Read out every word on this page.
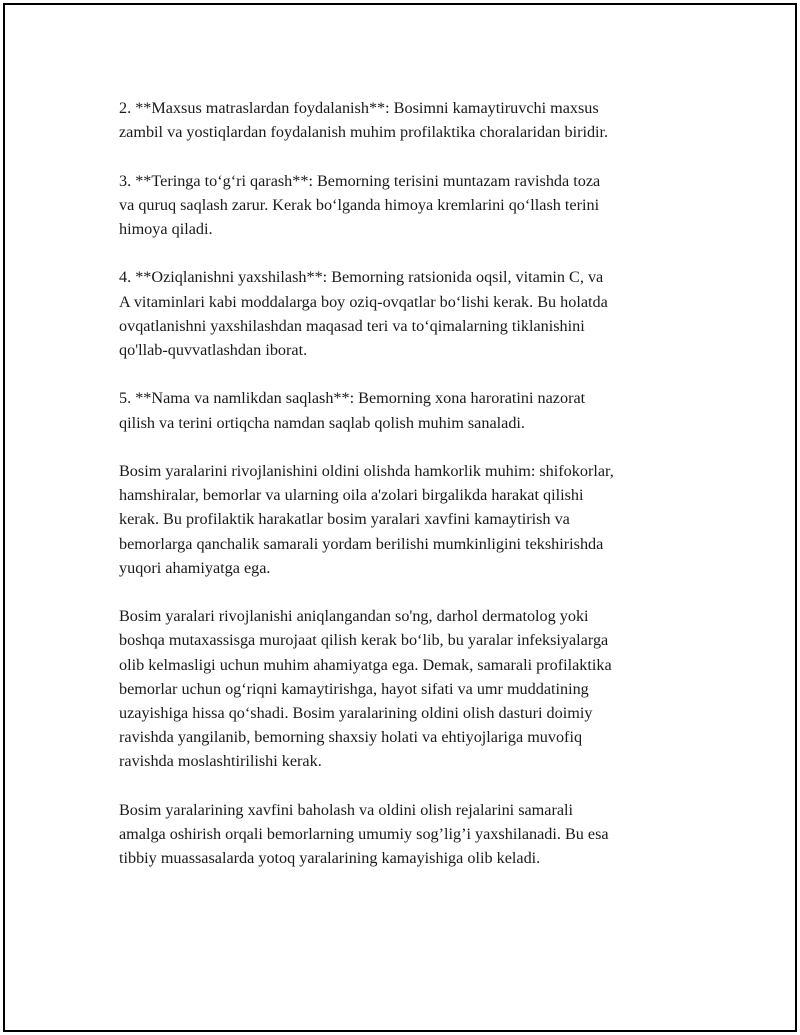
2. **Maxsus matraslardan foydalanish**: Bosimni kamaytiruvchi maxsus
zambil va yostiqlardan foydalanish muhim profilaktika choralaridan biridir.

3. **Teringa to‘g‘ri qarash**: Bemorning terisini muntazam ravishda toza
va quruq saqlash zarur. Kerak bo‘lganda himoya kremlarini qo‘llash terini
himoya qiladi.

4. **Oziqlanishni yaxshilash**: Bemorning ratsionida oqsil, vitamin C, va
A vitaminlari kabi moddalarga boy oziq-ovqatlar bo‘lishi kerak. Bu holatda
ovqatlanishni yaxshilashdan maqasad teri va to‘qimalarning tiklanishini
qo'llab-quvvatlashdan iborat.

5. **Nama va namlikdan saqlash**: Bemorning xona haroratini nazorat
qilish va terini ortiqcha namdan saqlab qolish muhim sanaladi.

Bosim yaralarini rivojlanishini oldini olishda hamkorlik muhim: shifokorlar,
hamshiralar, bemorlar va ularning oila a'zolari birgalikda harakat qilishi
kerak. Bu profilaktik harakatlar bosim yaralari xavfini kamaytirish va
bemorlarga qanchalik samarali yordam berilishi mumkinligini tekshirishda
yuqori ahamiyatga ega.

Bosim yaralari rivojlanishi aniqlangandan so'ng, darhol dermatolog yoki
boshqa mutaxassisga murojaat qilish kerak bo‘lib, bu yaralar infeksiyalarga
olib kelmasligi uchun muhim ahamiyatga ega. Demak, samarali profilaktika
bemorlar uchun og‘riqni kamaytirishga, hayot sifati va umr muddatining
uzayishiga hissa qo‘shadi. Bosim yaralarining oldini olish dasturi doimiy
ravishda yangilanib, bemorning shaxsiy holati va ehtiyojlariga muvofiq
ravishda moslashtirilishi kerak.

Bosim yaralarining xavfini baholash va oldini olish rejalarini samarali
amalga oshirish orqali bemorlarning umumiy sog’lig’i yaxshilanadi. Bu esa
tibbiy muassasalarda yotoq yaralarining kamayishiga olib keladi.
